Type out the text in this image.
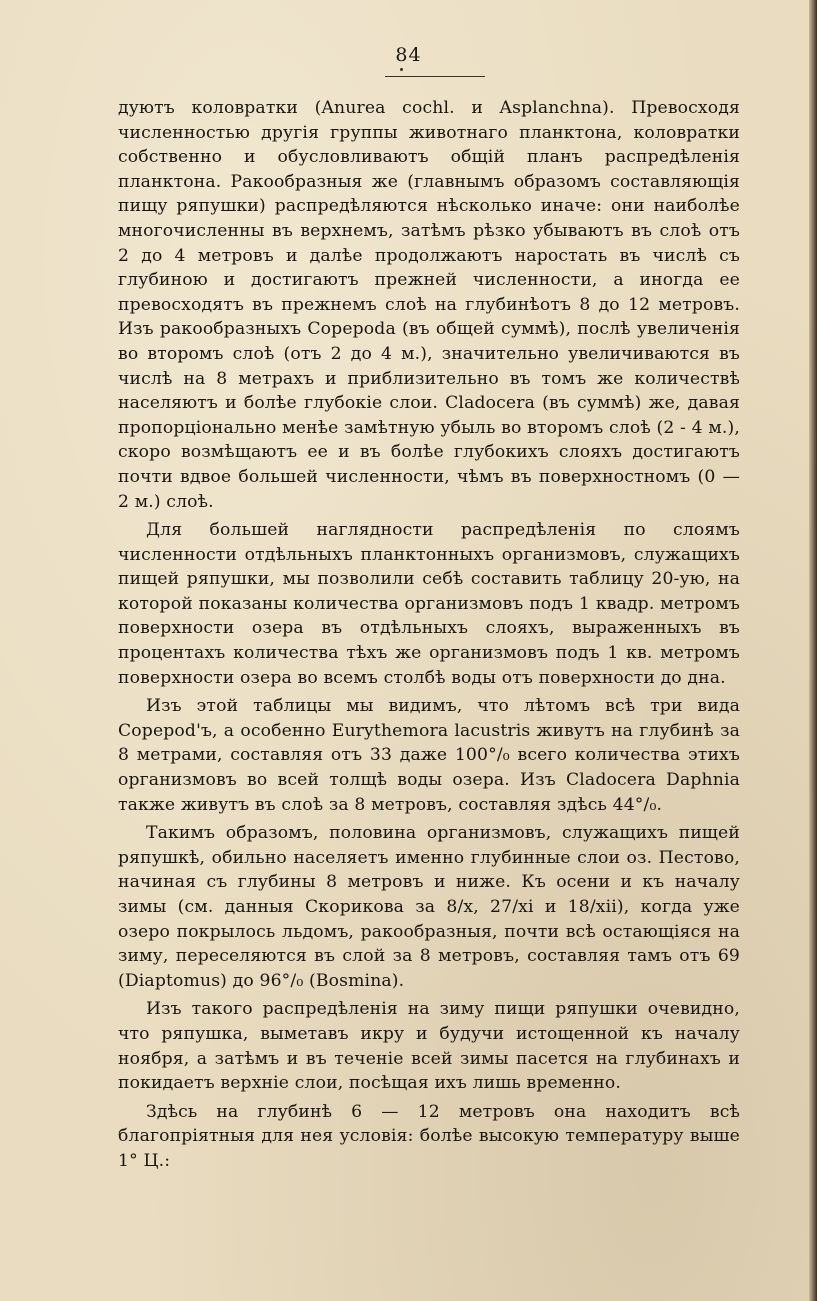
84

дуютъ коловратки (Anurea cochl. и Asplanchna). Превосходя численностью другія группы животнаго планктона, коловратки собственно и обусловливаютъ общій планъ распредѣленія планктона. Ракообразныя же (главнымъ образомъ составляющія пищу ряпушки) распредѣляются нѣсколько иначе: они наиболѣе многочисленны въ верхнемъ, затѣмъ рѣзко убываютъ въ слоѣ отъ 2 до 4 метровъ и далѣе продолжаютъ наростать въ числѣ съ глубиною и достигаютъ прежней численности, а иногда ее превосходятъ въ прежнемъ слоѣ на глубинѣотъ 8 до 12 метровъ. Изъ ракообразныхъ Copepoda (въ общей суммѣ), послѣ увеличенія во второмъ слоѣ (отъ 2 до 4 м.), значительно увеличиваются въ числѣ на 8 метрахъ и приблизительно въ томъ же количествѣ населяютъ и болѣе глубокіе слои. Cladocera (въ суммѣ) же, давая пропорціонально менѣе замѣтную убыль во второмъ слоѣ (2 - 4 м.), скоро возмѣщаютъ ее и въ болѣе глубокихъ слояхъ достигаютъ почти вдвое большей численности, чѣмъ въ поверхностномъ (0 — 2 м.) слоѣ.

Для большей наглядности распредѣленія по слоямъ численности отдѣльныхъ планктонныхъ организмовъ, служащихъ пищей ряпушки, мы позволили себѣ составить таблицу 20-ую, на которой показаны количества организмовъ подъ 1 квадр. метромъ поверхности озера въ отдѣльныхъ слояхъ, выраженныхъ въ процентахъ количества тѣхъ же организмовъ подъ 1 кв. метромъ поверхности озера во всемъ столбѣ воды отъ поверхности до дна.

Изъ этой таблицы мы видимъ, что лѣтомъ всѣ три вида Copepod'ъ, а особенно Eurythemora lacustris живутъ на глубинѣ за 8 метрами, составляя отъ 33 даже 100°/₀ всего количества этихъ организмовъ во всей толщѣ воды озера. Изъ Cladocera Daphnia также живутъ въ слоѣ за 8 метровъ, составляя здѣсь 44°/₀.

Такимъ образомъ, половина организмовъ, служащихъ пищей ряпушкѣ, обильно населяетъ именно глубинные слои оз. Пестово, начиная съ глубины 8 метровъ и ниже. Къ осени и къ началу зимы (см. данныя Скорикова за 8/x, 27/xi и 18/xii), когда уже озеро покрылось льдомъ, ракообразныя, почти всѣ остающіяся на зиму, переселяются въ слой за 8 метровъ, составляя тамъ отъ 69 (Diaptomus) до 96°/₀ (Bosmina).

Изъ такого распредѣленія на зиму пищи ряпушки очевидно, что ряпушка, выметавъ икру и будучи истощенной къ началу ноября, а затѣмъ и въ теченіе всей зимы пасется на глубинахъ и покидаетъ верхніе слои, посѣщая ихъ лишь временно.

Здѣсь на глубинѣ 6 — 12 метровъ она находитъ всѣ благопріятныя для нея условія: болѣе высокую температуру выше 1° Ц.:
